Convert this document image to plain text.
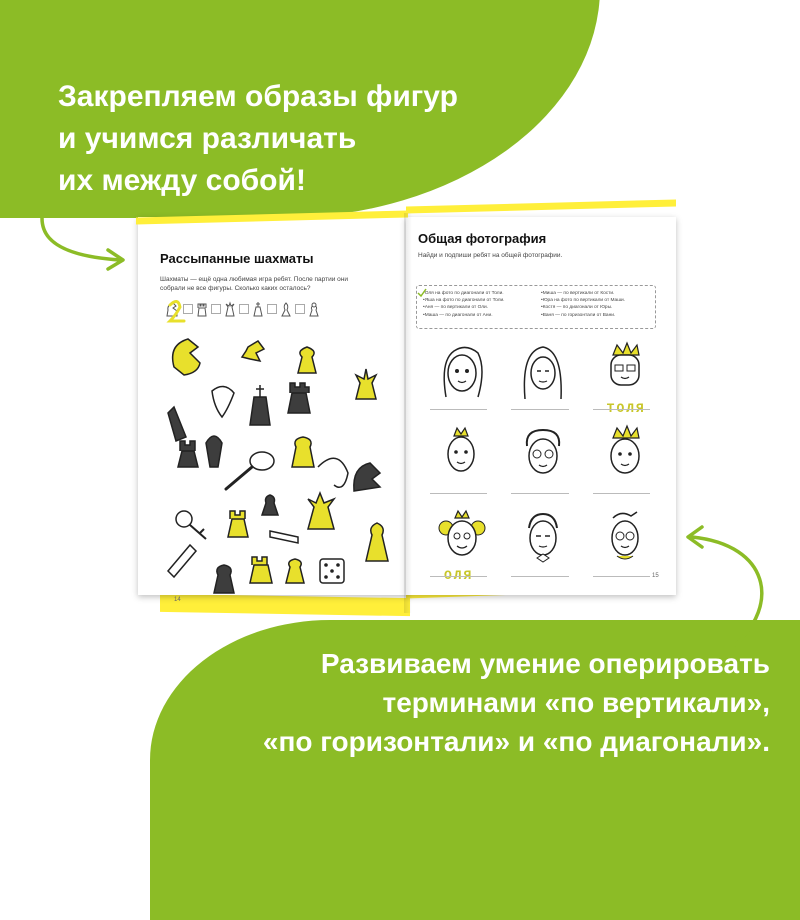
Закрепляем образы фигур
и учимся различать
их между собой!
Рассыпанные шахматы

Шахматы — ещё одна любимая игра ребят. После партии они

собрали не все фигуры. Сколько каких осталось?

14
Общая фотография

Найди и подпиши ребят на общей фотографии.

• Оля на фото по диагонали от Толи.
• Яша на фото по диагонали от Толи.
• Аня — по вертикали от Оли.
• Маша — по диагонали от Ани.
• Миша — по вертикали от Кости.
• Юра на фото по вертикали от Маши.
• Костя — по диагонали от Юры.
• Ваня — по горизонтали от Вани.
ТОЛЯ
ОЛЯ	15
Развиваем умение оперировать
терминами «по вертикали»,
«по горизонтали» и «по диагонали».
